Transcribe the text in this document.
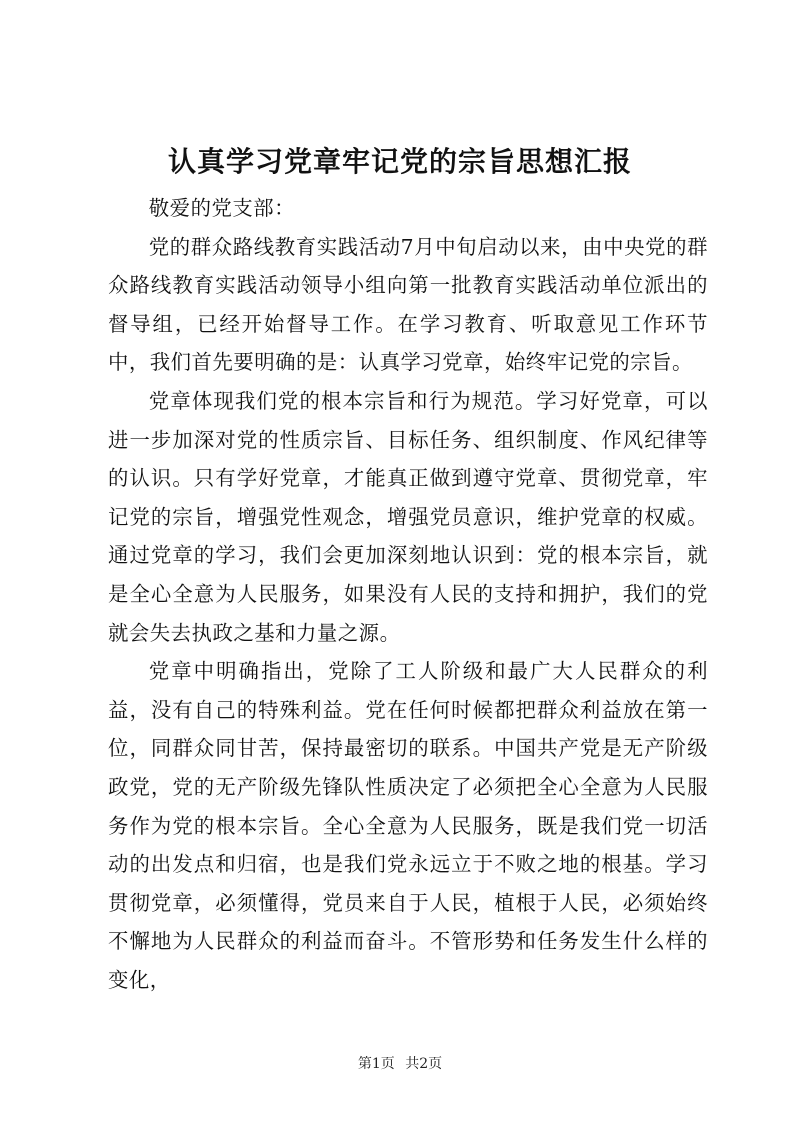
认真学习党章牢记党的宗旨思想汇报

敬爱的党支部：

党的群众路线教育实践活动7月中旬启动以来，由中央党的群众路线教育实践活动领导小组向第一批教育实践活动单位派出的督导组，已经开始督导工作。在学习教育、听取意见工作环节中，我们首先要明确的是：认真学习党章，始终牢记党的宗旨。

党章体现我们党的根本宗旨和行为规范。学习好党章，可以进一步加深对党的性质宗旨、目标任务、组织制度、作风纪律等的认识。只有学好党章，才能真正做到遵守党章、贯彻党章，牢记党的宗旨，增强党性观念，增强党员意识，维护党章的权威。通过党章的学习，我们会更加深刻地认识到：党的根本宗旨，就是全心全意为人民服务，如果没有人民的支持和拥护，我们的党就会失去执政之基和力量之源。

党章中明确指出，党除了工人阶级和最广大人民群众的利益，没有自己的特殊利益。党在任何时候都把群众利益放在第一位，同群众同甘苦，保持最密切的联系。中国共产党是无产阶级政党，党的无产阶级先锋队性质决定了必须把全心全意为人民服务作为党的根本宗旨。全心全意为人民服务，既是我们党一切活动的出发点和归宿，也是我们党永远立于不败之地的根基。学习贯彻党章，必须懂得，党员来自于人民，植根于人民，必须始终不懈地为人民群众的利益而奋斗。不管形势和任务发生什么样的变化，

第1页 共2页
